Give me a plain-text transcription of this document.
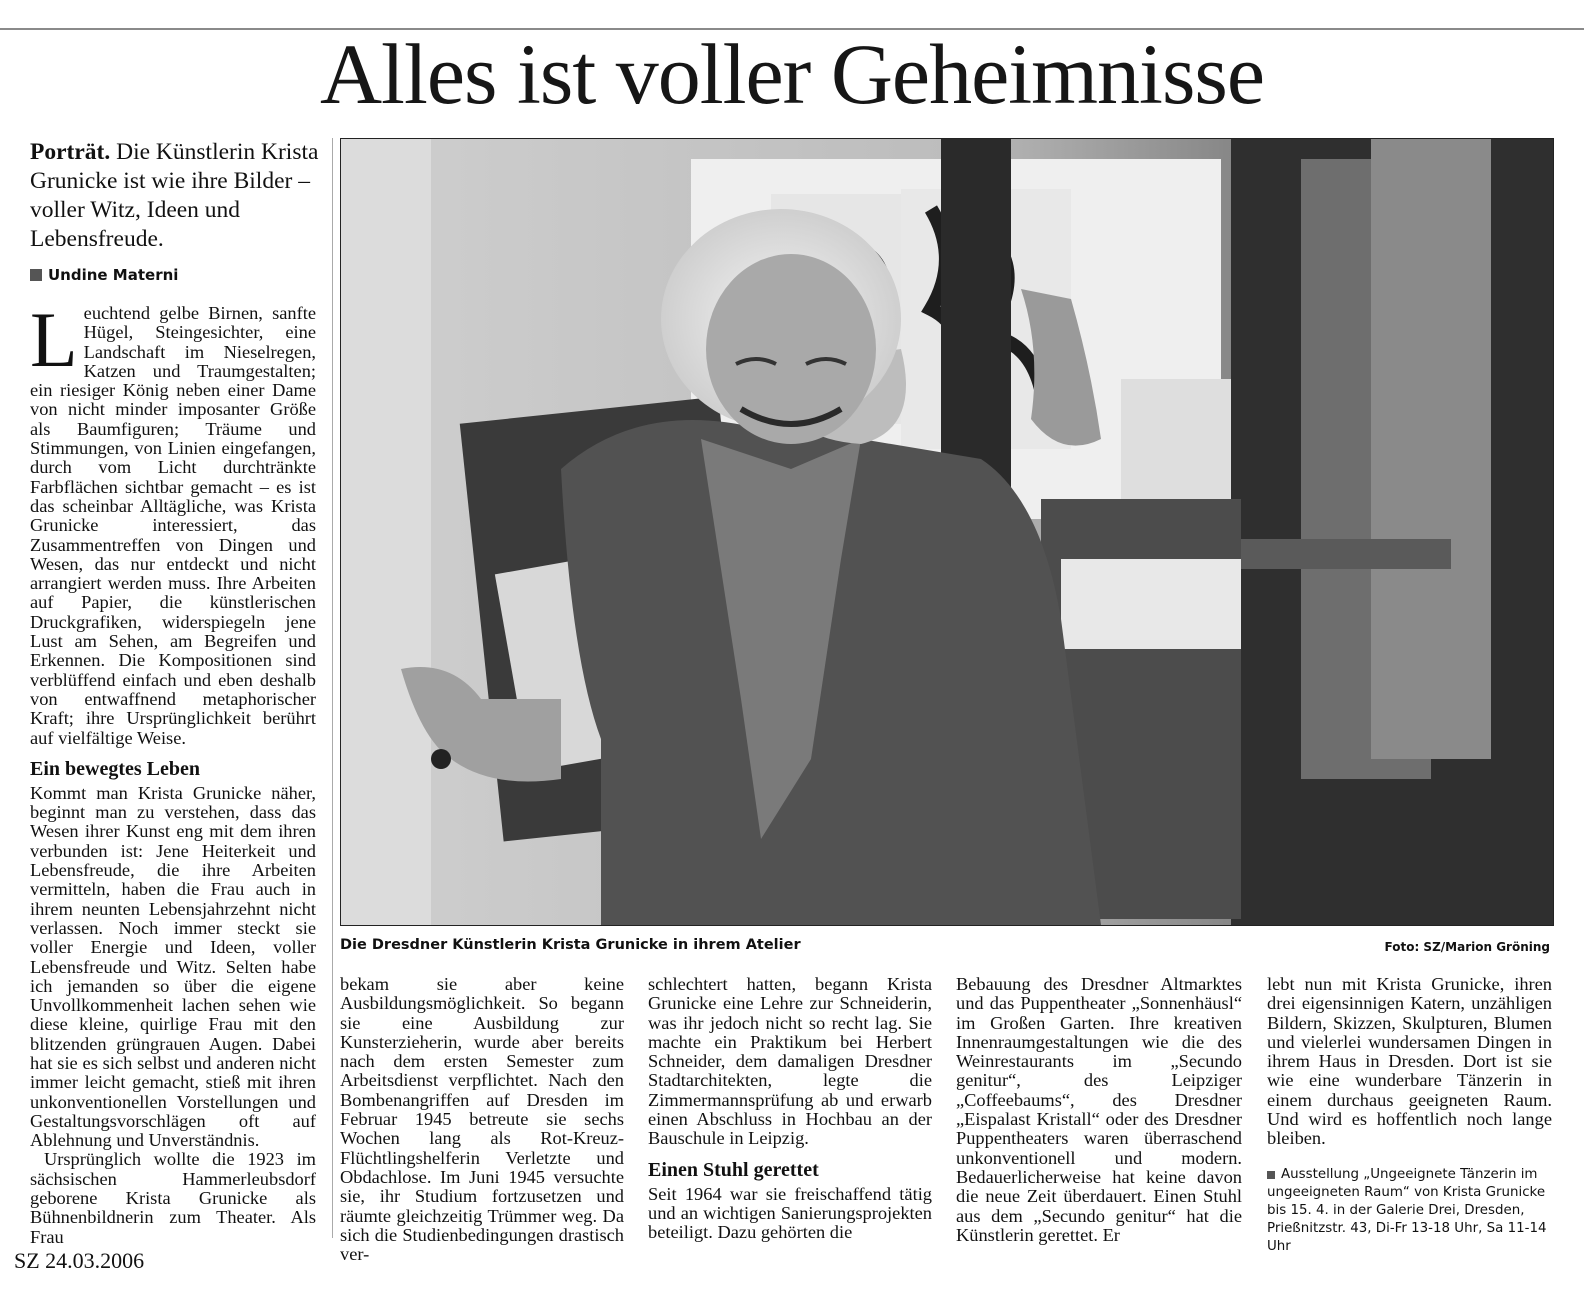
Alles ist voller Geheimnisse
Porträt. Die Künstlerin Krista Grunicke ist wie ihre Bilder – voller Witz, Ideen und Lebensfreude.
Undine Materni

Leuchtend gelbe Birnen, sanfte Hügel, Steingesichter, eine Landschaft im Nieselregen, Katzen und Traumgestalten; ein riesiger König neben einer Dame von nicht minder imposanter Größe als Baumfiguren; Träume und Stimmungen, von Linien eingefangen, durch vom Licht durchtränkte Farbflächen sichtbar gemacht – es ist das scheinbar Alltägliche, was Krista Grunicke interessiert, das Zusammentreffen von Dingen und Wesen, das nur entdeckt und nicht arrangiert werden muss. Ihre Arbeiten auf Papier, die künstlerischen Druckgrafiken, widerspiegeln jene Lust am Sehen, am Begreifen und Erkennen. Die Kompositionen sind verblüffend einfach und eben deshalb von entwaffnend metaphorischer Kraft; ihre Ursprünglichkeit berührt auf vielfältige Weise.

Ein bewegtes Leben

Kommt man Krista Grunicke näher, beginnt man zu verstehen, dass das Wesen ihrer Kunst eng mit dem ihren verbunden ist: Jene Heiterkeit und Lebensfreude, die ihre Arbeiten vermitteln, haben die Frau auch in ihrem neunten Lebensjahrzehnt nicht verlassen. Noch immer steckt sie voller Energie und Ideen, voller Lebensfreude und Witz. Selten habe ich jemanden so über die eigene Unvollkommenheit lachen sehen wie diese kleine, quirlige Frau mit den blitzenden grüngrauen Augen. Dabei hat sie es sich selbst und anderen nicht immer leicht gemacht, stieß mit ihren unkonventionellen Vorstellungen und Gestaltungsvorschlägen oft auf Ablehnung und Unverständnis.

Ursprünglich wollte die 1923 im sächsischen Hammerleubsdorf geborene Krista Grunicke als Bühnenbildnerin zum Theater. Als Frau

Die Dresdner Künstlerin Krista Grunicke in ihrem Atelier	Foto: SZ/Marion Gröning

bekam sie aber keine Ausbildungsmöglichkeit. So begann sie eine Ausbildung zur Kunsterzieherin, wurde aber bereits nach dem ersten Semester zum Arbeitsdienst verpflichtet. Nach den Bombenangriffen auf Dresden im Februar 1945 betreute sie sechs Wochen lang als Rot-Kreuz-Flüchtlingshelferin Verletzte und Obdachlose. Im Juni 1945 versuchte sie, ihr Studium fortzusetzen und räumte gleichzeitig Trümmer weg. Da sich die Studienbedingungen drastisch ver-

schlechtert hatten, begann Krista Grunicke eine Lehre zur Schneiderin, was ihr jedoch nicht so recht lag. Sie machte ein Praktikum bei Herbert Schneider, dem damaligen Dresdner Stadtarchitekten, legte die Zimmermannsprüfung ab und erwarb einen Abschluss in Hochbau an der Bauschule in Leipzig.

Einen Stuhl gerettet

Seit 1964 war sie freischaffend tätig und an wichtigen Sanierungsprojekten beteiligt. Dazu gehörten die

Bebauung des Dresdner Altmarktes und das Puppentheater „Sonnenhäusl“ im Großen Garten. Ihre kreativen Innenraumgestaltungen wie die des Weinrestaurants im „Secundo genitur“, des Leipziger „Coffeebaums“, des Dresdner „Eispalast Kristall“ oder des Dresdner Puppentheaters waren überraschend unkonventionell und modern. Bedauerlicherweise hat keine davon die neue Zeit überdauert. Einen Stuhl aus dem „Secundo genitur“ hat die Künstlerin gerettet. Er

lebt nun mit Krista Grunicke, ihren drei eigensinnigen Katern, unzähligen Bildern, Skizzen, Skulpturen, Blumen und vielerlei wundersamen Dingen in ihrem Haus in Dresden. Dort ist sie wie eine wunderbare Tänzerin in einem durchaus geeigneten Raum. Und wird es hoffentlich noch lange bleiben.

Ausstellung „Ungeeignete Tänzerin im ungeeigneten Raum“ von Krista Grunicke bis 15. 4. in der Galerie Drei, Dresden, Prießnitzstr. 43, Di-Fr 13-18 Uhr, Sa 11-14 Uhr
SZ 24.03.2006
